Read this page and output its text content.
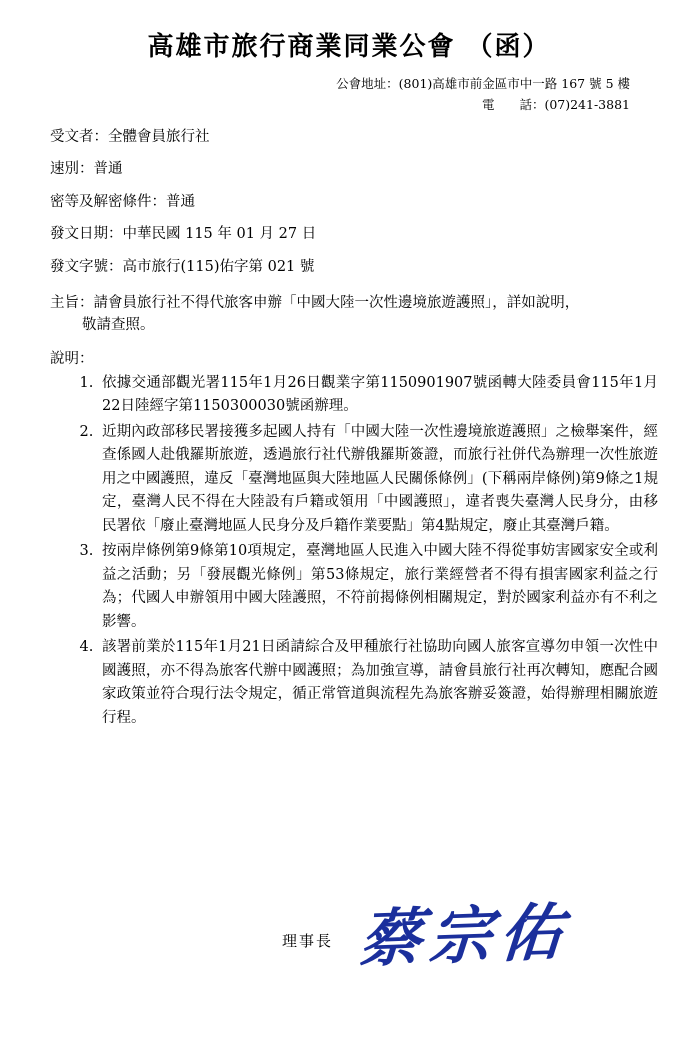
高雄市旅行商業同業公會 （函）
公會地址：(801)高雄市前金區市中一路 167 號 5 樓
電　　話：(07)241-3881
受文者：全體會員旅行社
速別：普通
密等及解密條件：普通
發文日期：中華民國 115 年 01 月 27 日
發文字號：高市旅行(115)佑字第 021 號
主旨：請會員旅行社不得代旅客申辦「中國大陸一次性邊境旅遊護照」，詳如說明，
敬請查照。
說明：
1. 依據交通部觀光署115年1月26日觀業字第1150901907號函轉大陸委員會115年1月22日陸經字第1150300030號函辦理。
2. 近期內政部移民署接獲多起國人持有「中國大陸一次性邊境旅遊護照」之檢舉案件，經查係國人赴俄羅斯旅遊，透過旅行社代辦俄羅斯簽證，而旅行社併代為辦理一次性旅遊用之中國護照，違反「臺灣地區與大陸地區人民關係條例」(下稱兩岸條例)第9條之1規定，臺灣人民不得在大陸設有戶籍或領用「中國護照」，違者喪失臺灣人民身分，由移民署依「廢止臺灣地區人民身分及戶籍作業要點」第4點規定，廢止其臺灣戶籍。
3. 按兩岸條例第9條第10項規定，臺灣地區人民進入中國大陸不得從事妨害國家安全或利益之活動；另「發展觀光條例」第53條規定，旅行業經營者不得有損害國家利益之行為；代國人申辦領用中國大陸護照，不符前揭條例相關規定，對於國家利益亦有不利之影響。
4. 該署前業於115年1月21日函請綜合及甲種旅行社協助向國人旅客宣導勿申領一次性中國護照，亦不得為旅客代辦中國護照；為加強宣導，請會員旅行社再次轉知，應配合國家政策並符合現行法令規定，循正常管道與流程先為旅客辦妥簽證，始得辦理相關旅遊行程。
理事長 蔡宗佑
